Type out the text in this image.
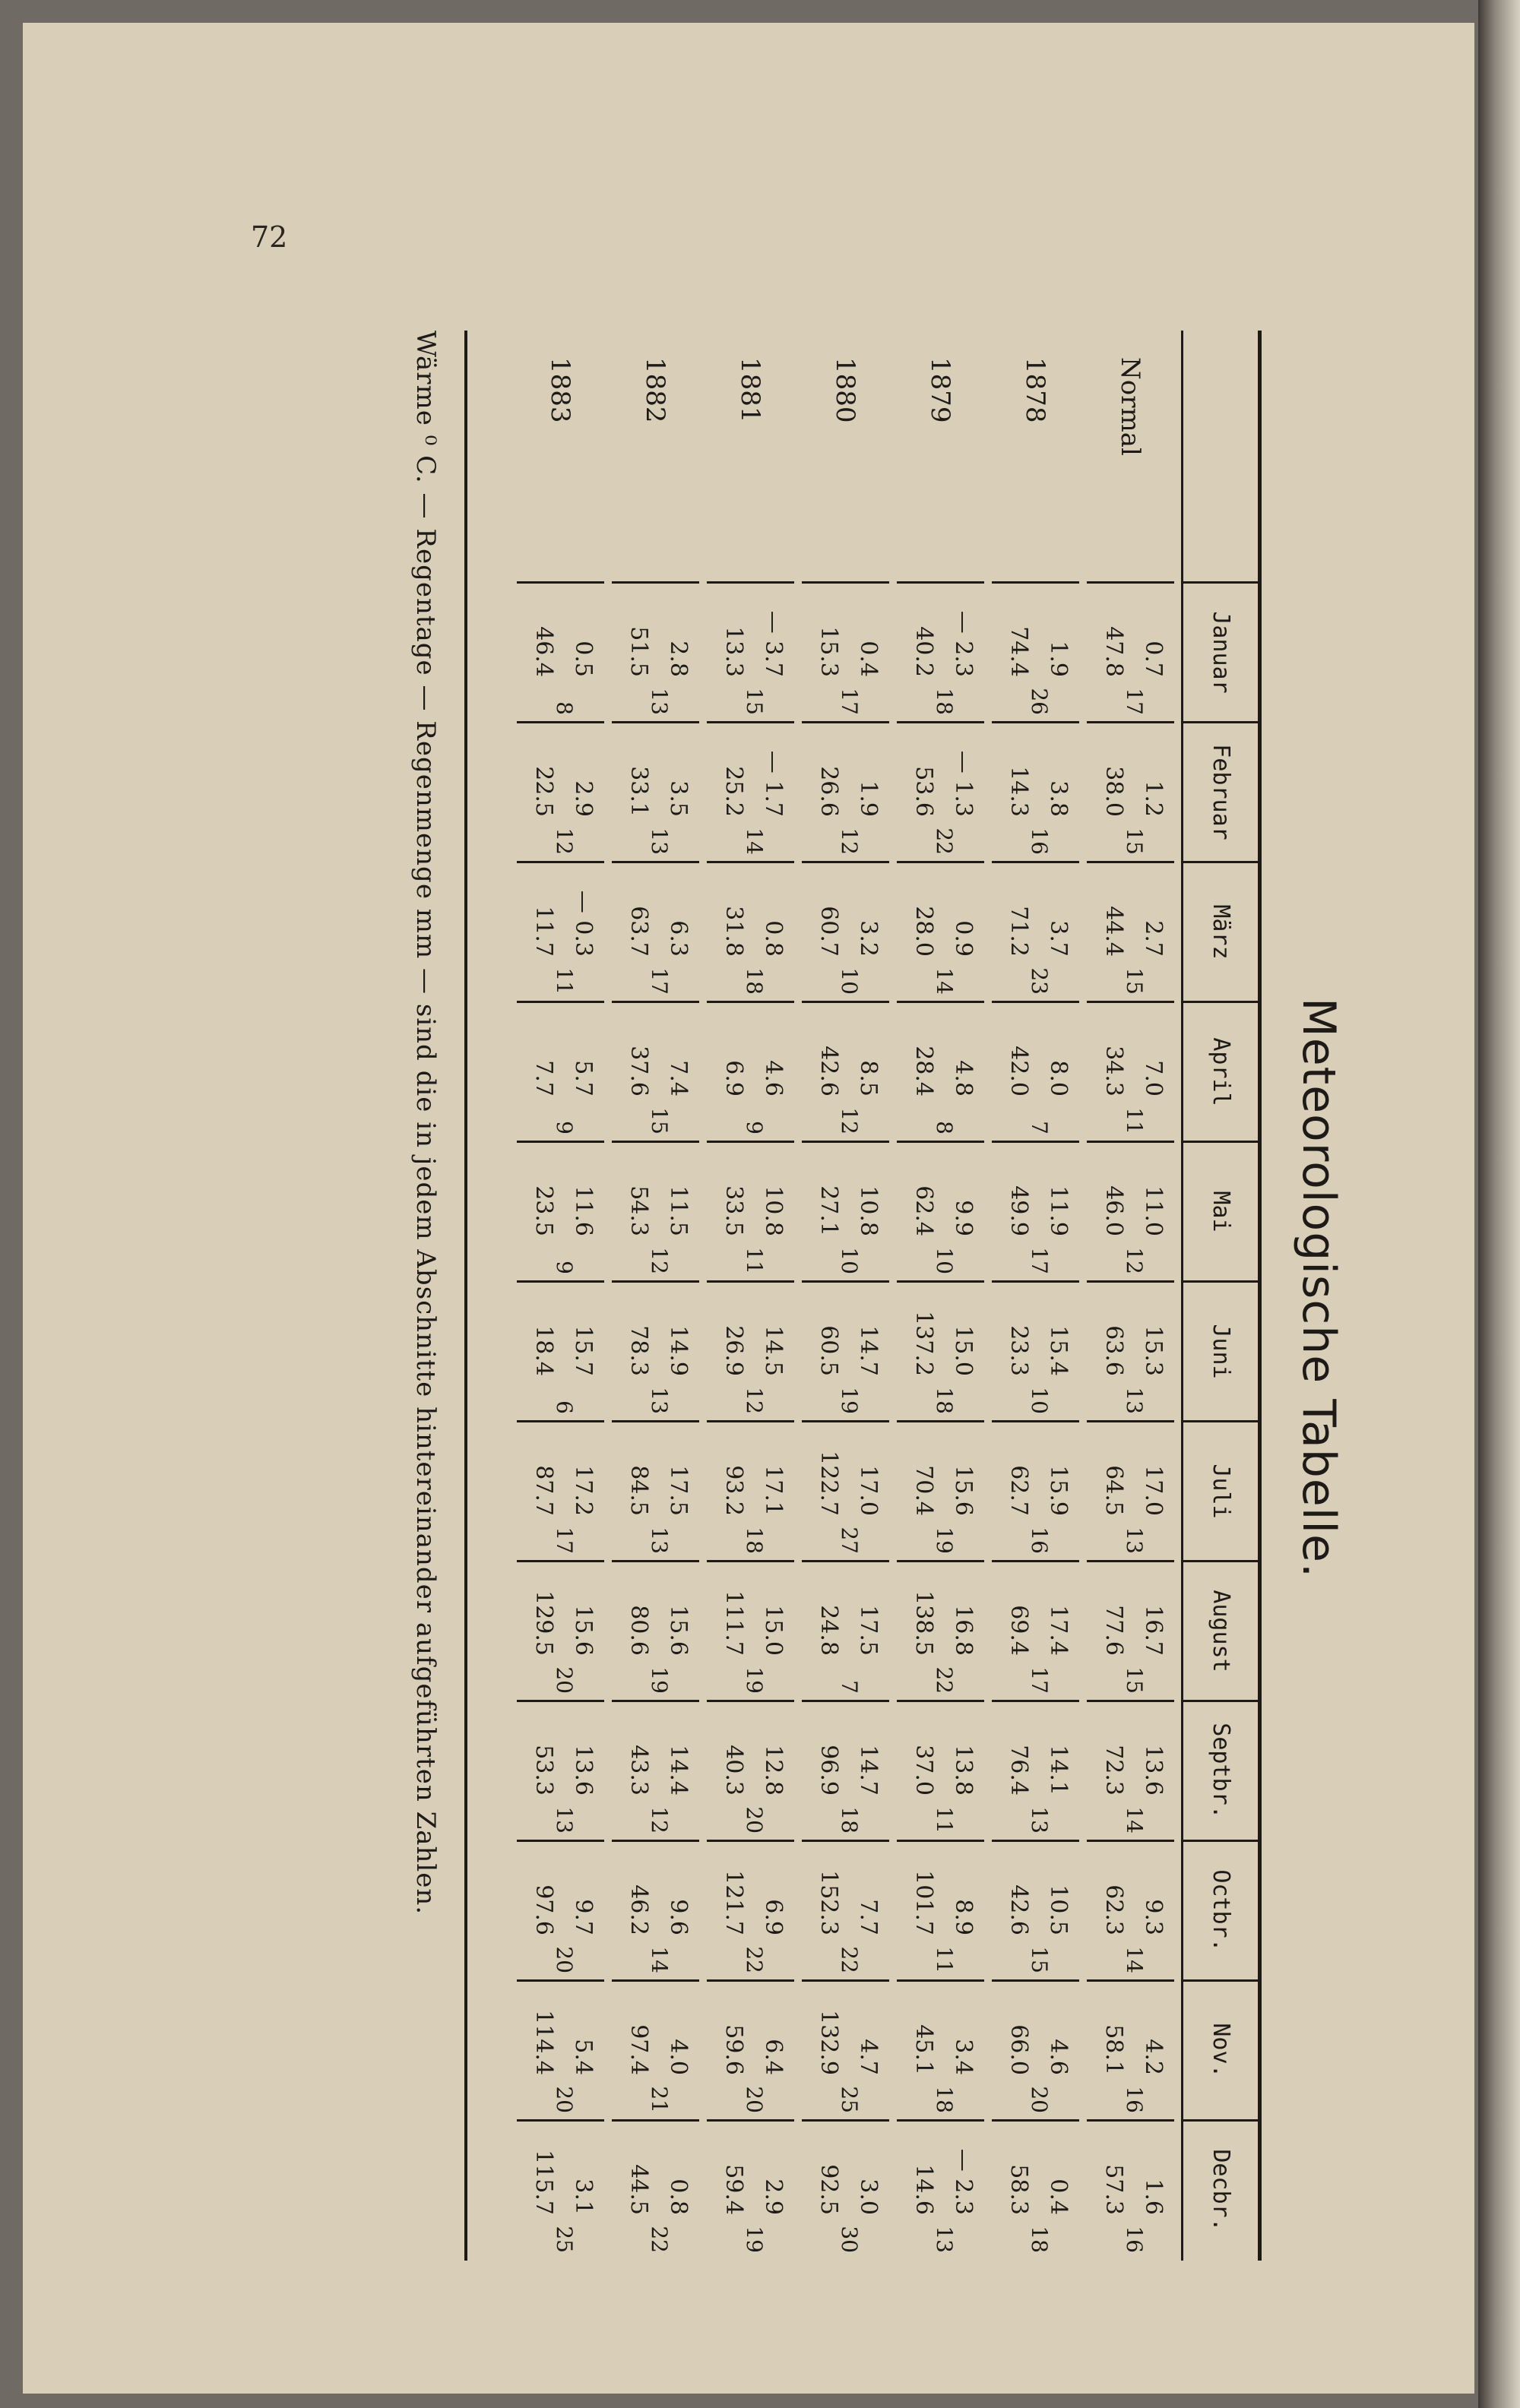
72
Meteorologische Tabelle.
Januar
Februar
März
April
Mai
Juni
Juli
August
Septbr.
Octbr.
Nov.
Decbr.
Normal
0.7
47.8
17
1.2
38.0
15
2.7
44.4
15
7.0
34.3
11
11.0
46.0
12
15.3
63.6
13
17.0
64.5
13
16.7
77.6
15
13.6
72.3
14
9.3
62.3
14
4.2
58.1
16
1.6
57.3
16
1878
1.9
74.4
26
3.8
14.3
16
3.7
71.2
23
8.0
42.0
7
11.9
49.9
17
15.4
23.3
10
15.9
62.7
16
17.4
69.4
17
14.1
76.4
13
10.5
42.6
15
4.6
66.0
20
0.4
58.3
18
1879
— 2.3
40.2
18
— 1.3
53.6
22
0.9
28.0
14
4.8
28.4
8
9.9
62.4
10
15.0
137.2
18
15.6
70.4
19
16.8
138.5
22
13.8
37.0
11
8.9
101.7
11
3.4
45.1
18
— 2.3
14.6
13
1880
0.4
15.3
17
1.9
26.6
12
3.2
60.7
10
8.5
42.6
12
10.8
27.1
10
14.7
60.5
19
17.0
122.7
27
17.5
24.8
7
14.7
96.9
18
7.7
152.3
22
4.7
132.9
25
3.0
92.5
30
1881
— 3.7
13.3
15
— 1.7
25.2
14
0.8
31.8
18
4.6
6.9
9
10.8
33.5
11
14.5
26.9
12
17.1
93.2
18
15.0
111.7
19
12.8
40.3
20
6.9
121.7
22
6.4
59.6
20
2.9
59.4
19
1882
2.8
51.5
13
3.5
33.1
13
6.3
63.7
17
7.4
37.6
15
11.5
54.3
12
14.9
78.3
13
17.5
84.5
13
15.6
80.6
19
14.4
43.3
12
9.6
46.2
14
4.0
97.4
21
0.8
44.5
22
1883
0.5
46.4
8
2.9
22.5
12
— 0.3
11.7
11
5.7
7.7
9
11.6
23.5
9
15.7
18.4
6
17.2
87.7
17
15.6
129.5
20
13.6
53.3
13
9.7
97.6
20
5.4
114.4
20
3.1
115.7
25
Wärme ⁰ C. — Regentage — Regenmenge mm — sind die in jedem Abschnitte hintereinander aufgeführten Zahlen.
